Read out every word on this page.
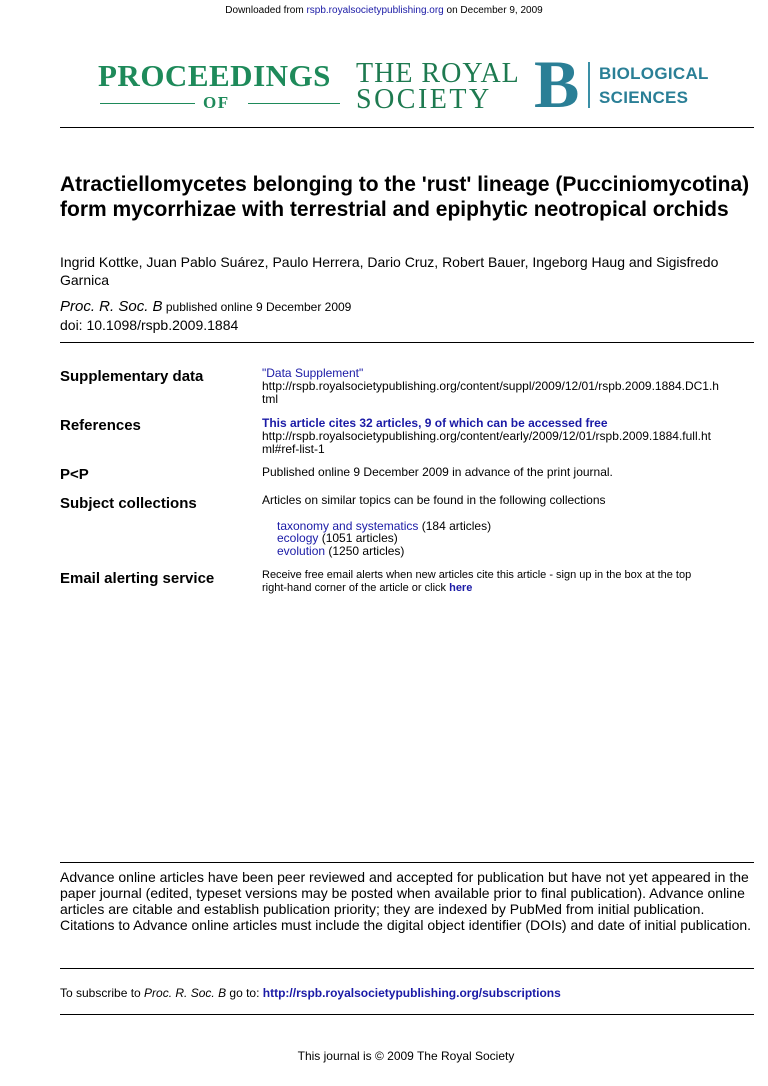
Downloaded from rspb.royalsocietypublishing.org on December 9, 2009
PROCEEDINGS
OF
THE ROYAL
SOCIETY B BIOLOGICAL
SCIENCES
Atractiellomycetes belonging to the 'rust' lineage (Pucciniomycotina) form mycorrhizae with terrestrial and epiphytic neotropical orchids
Ingrid Kottke, Juan Pablo Suárez, Paulo Herrera, Dario Cruz, Robert Bauer, Ingeborg Haug and Sigisfredo Garnica
Proc. R. Soc. B published online 9 December 2009
doi: 10.1098/rspb.2009.1884
Supplementary data	"Data Supplement"
http://rspb.royalsocietypublishing.org/content/suppl/2009/12/01/rspb.2009.1884.DC1.h
tml
References	This article cites 32 articles, 9 of which can be accessed free
http://rspb.royalsocietypublishing.org/content/early/2009/12/01/rspb.2009.1884.full.ht
ml#ref-list-1
P<P	Published online 9 December 2009 in advance of the print journal.
Subject collections	Articles on similar topics can be found in the following collections
taxonomy and systematics (184 articles)
ecology (1051 articles)
evolution (1250 articles)
Email alerting service	Receive free email alerts when new articles cite this article - sign up in the box at the top
right-hand corner of the article or click here
Advance online articles have been peer reviewed and accepted for publication but have not yet appeared in the paper journal (edited, typeset versions may be posted when available prior to final publication). Advance online articles are citable and establish publication priority; they are indexed by PubMed from initial publication. Citations to Advance online articles must include the digital object identifier (DOIs) and date of initial publication.
To subscribe to Proc. R. Soc. B go to: http://rspb.royalsocietypublishing.org/subscriptions
This journal is © 2009 The Royal Society
